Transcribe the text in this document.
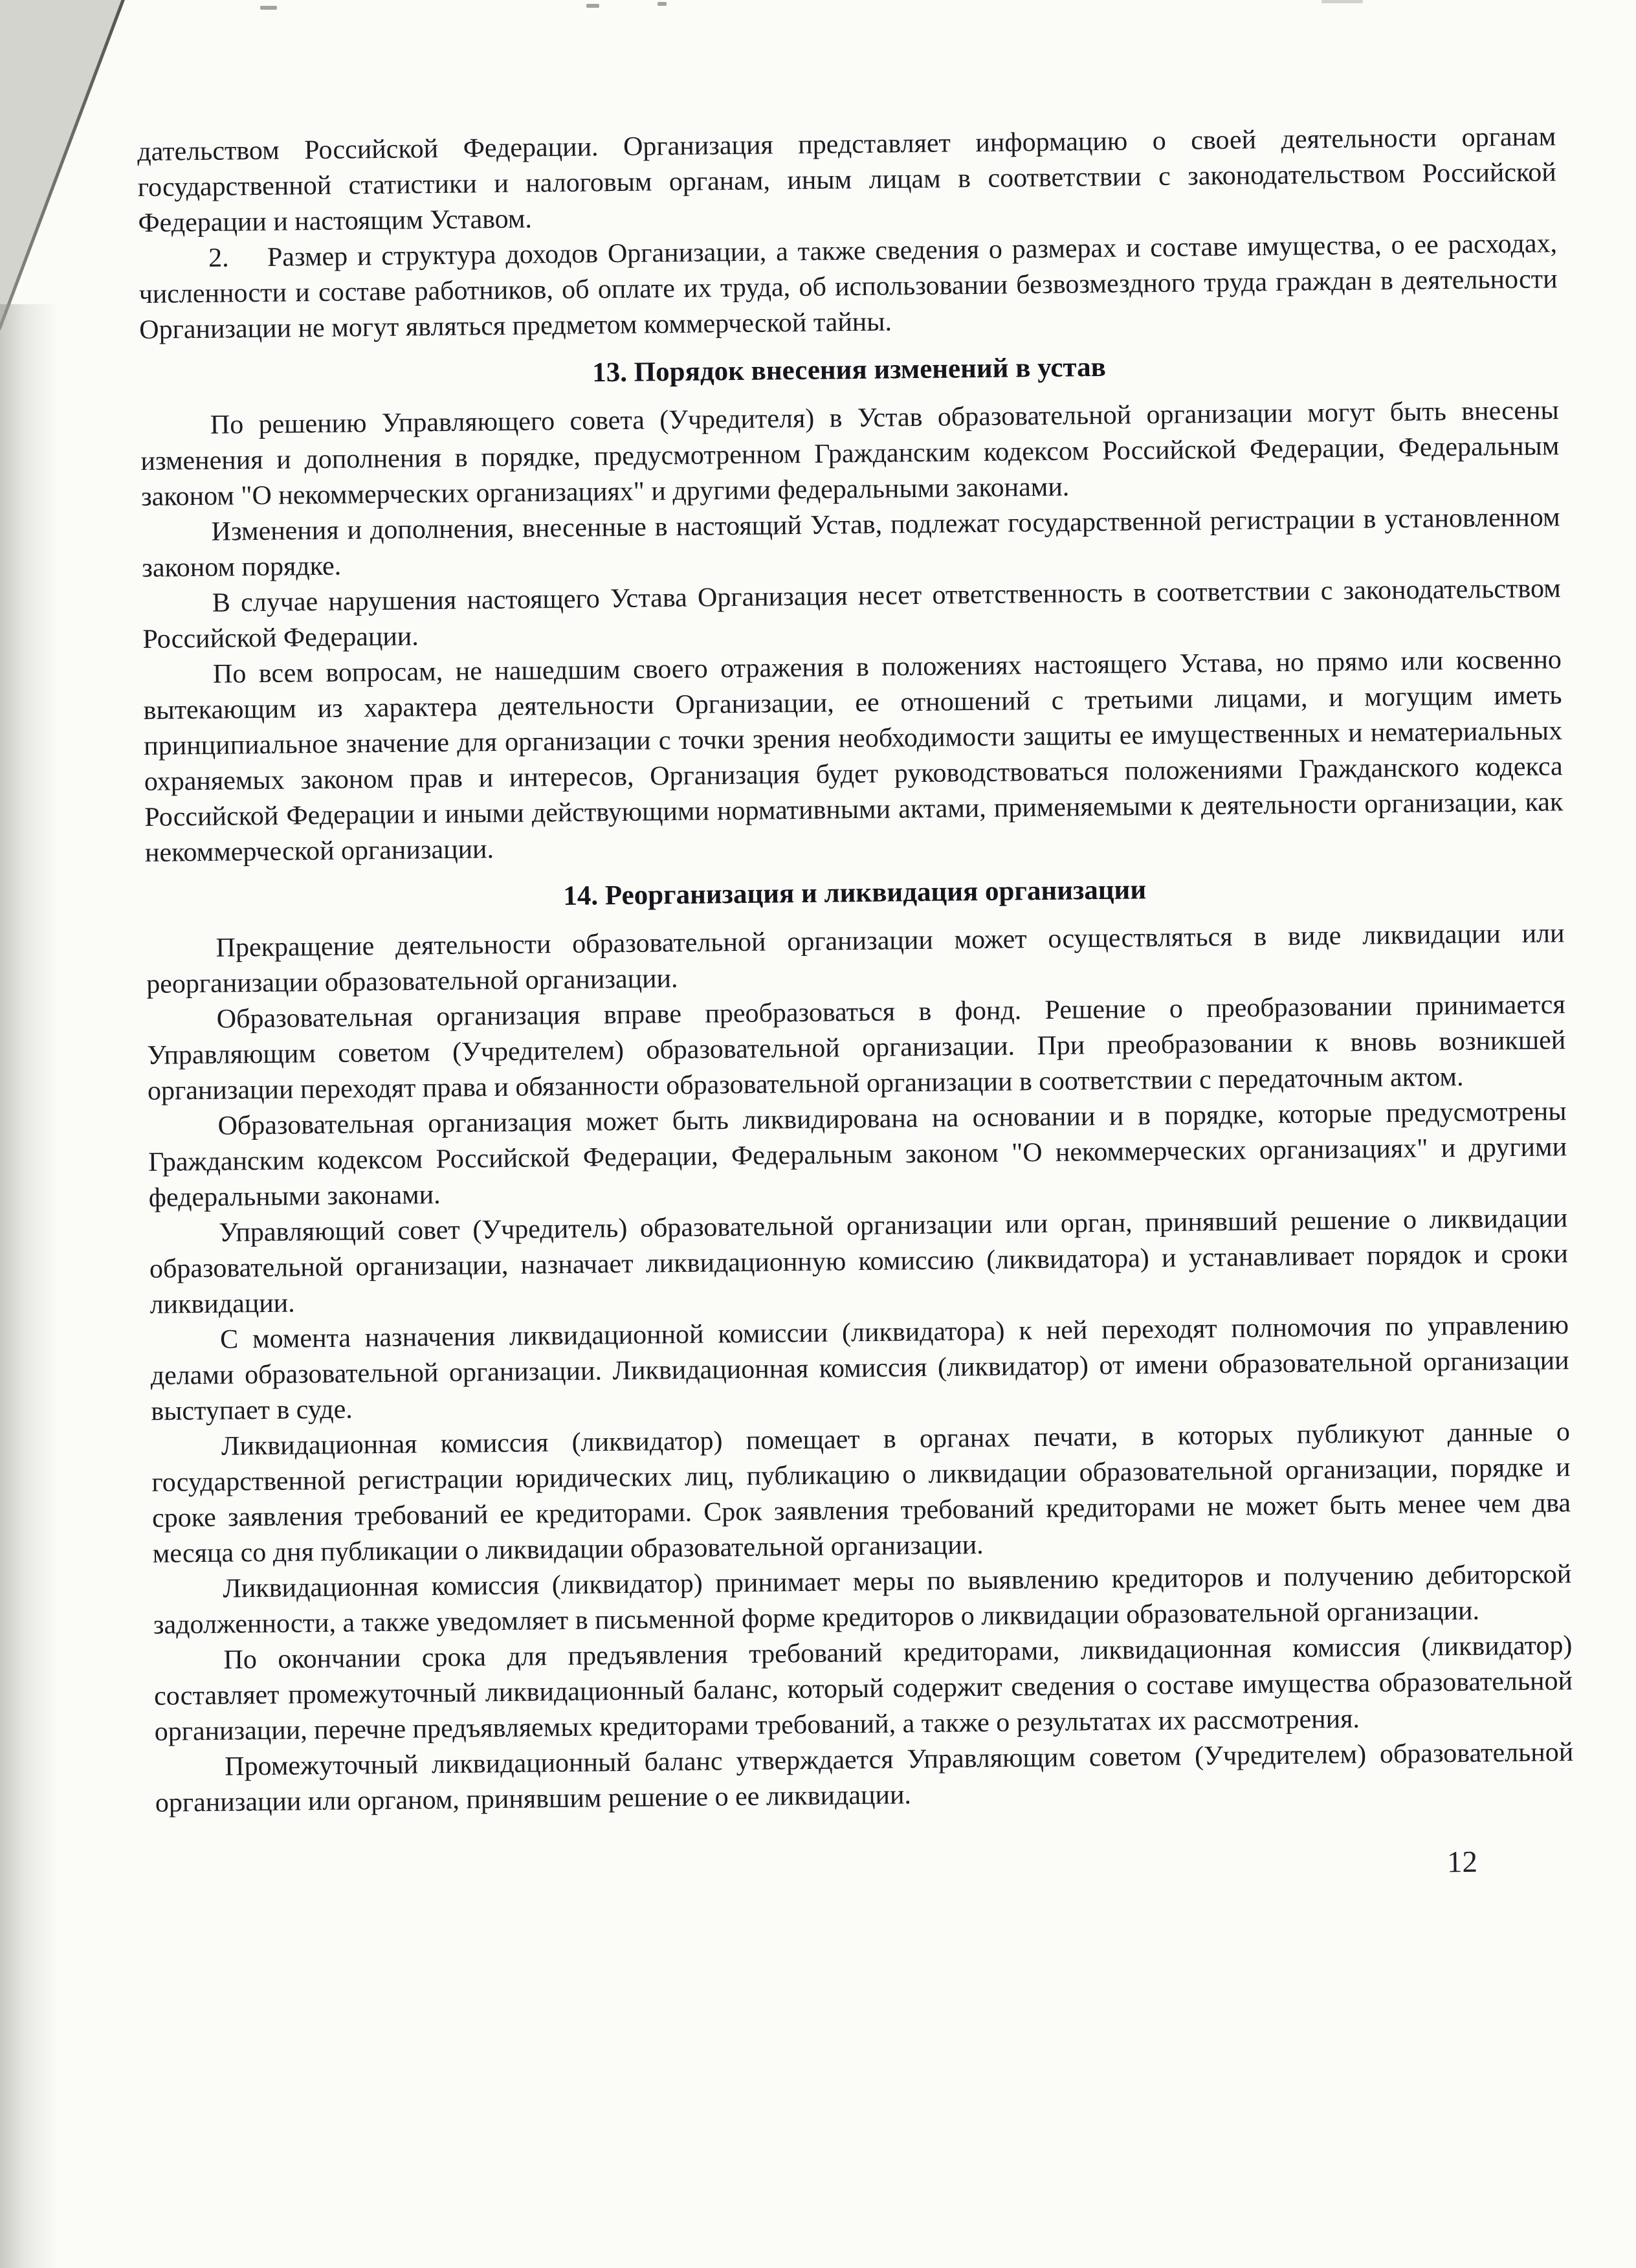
дательством Российской Федерации. Организация представляет информацию о своей деятельности органам государственной статистики и налоговым органам, иным лицам в соответствии с законодательством Российской Федерации и настоящим Уставом.

2.    Размер и структура доходов Организации, а также сведения о размерах и составе имущества, о ее расходах, численности и составе работников, об оплате их труда, об использовании безвозмездного труда граждан в деятельности Организации не могут являться предметом коммерческой тайны.

13. Порядок внесения изменений в устав

По решению Управляющего совета (Учредителя) в Устав образовательной организации могут быть внесены изменения и дополнения в порядке, предусмотренном Гражданским кодексом Российской Федерации, Федеральным законом "О некоммерческих организациях" и другими федеральными законами.

Изменения и дополнения, внесенные в настоящий Устав, подлежат государственной регистрации в установленном законом порядке.

В случае нарушения настоящего Устава Организация несет ответственность в соответствии с законодательством Российской Федерации.

По всем вопросам, не нашедшим своего отражения в положениях настоящего Устава, но прямо или косвенно вытекающим из характера деятельности Организации, ее отношений с третьими лицами, и могущим иметь принципиальное значение для организации с точки зрения необходимости защиты ее имущественных и нематериальных охраняемых законом прав и интересов, Организация будет руководствоваться положениями Гражданского кодекса Российской Федерации и иными действующими нормативными актами, применяемыми к деятельности организации, как некоммерческой организации.

14. Реорганизация и ликвидация организации

Прекращение деятельности образовательной организации может осуществляться в виде ликвидации или реорганизации образовательной организации.

Образовательная организация вправе преобразоваться в фонд. Решение о преобразовании принимается Управляющим советом (Учредителем) образовательной организации. При преобразовании к вновь возникшей организации переходят права и обязанности образовательной организации в соответствии с передаточным актом.

Образовательная организация может быть ликвидирована на основании и в порядке, которые предусмотрены Гражданским кодексом Российской Федерации, Федеральным законом "О некоммерческих организациях" и другими федеральными законами.

Управляющий совет (Учредитель) образовательной организации или орган, принявший решение о ликвидации образовательной организации, назначает ликвидационную комиссию (ликвидатора) и устанавливает порядок и сроки ликвидации.

С момента назначения ликвидационной комиссии (ликвидатора) к ней переходят полномочия по управлению делами образовательной организации. Ликвидационная комиссия (ликвидатор) от имени образовательной организации выступает в суде.

Ликвидационная комиссия (ликвидатор) помещает в органах печати, в которых публикуют данные о государственной регистрации юридических лиц, публикацию о ликвидации образовательной организации, порядке и сроке заявления требований ее кредиторами. Срок заявления требований кредиторами не может быть менее чем два месяца со дня публикации о ликвидации образовательной организации.

Ликвидационная комиссия (ликвидатор) принимает меры по выявлению кредиторов и получению дебиторской задолженности, а также уведомляет в письменной форме кредиторов о ликвидации образовательной организации.

По окончании срока для предъявления требований кредиторами, ликвидационная комиссия (ликвидатор) составляет промежуточный ликвидационный баланс, который содержит сведения о составе имущества образовательной организации, перечне предъявляемых кредиторами требований, а также о результатах их рассмотрения.

Промежуточный ликвидационный баланс утверждается Управляющим советом (Учредителем) образовательной организации или органом, принявшим решение о ее ликвидации.

12
